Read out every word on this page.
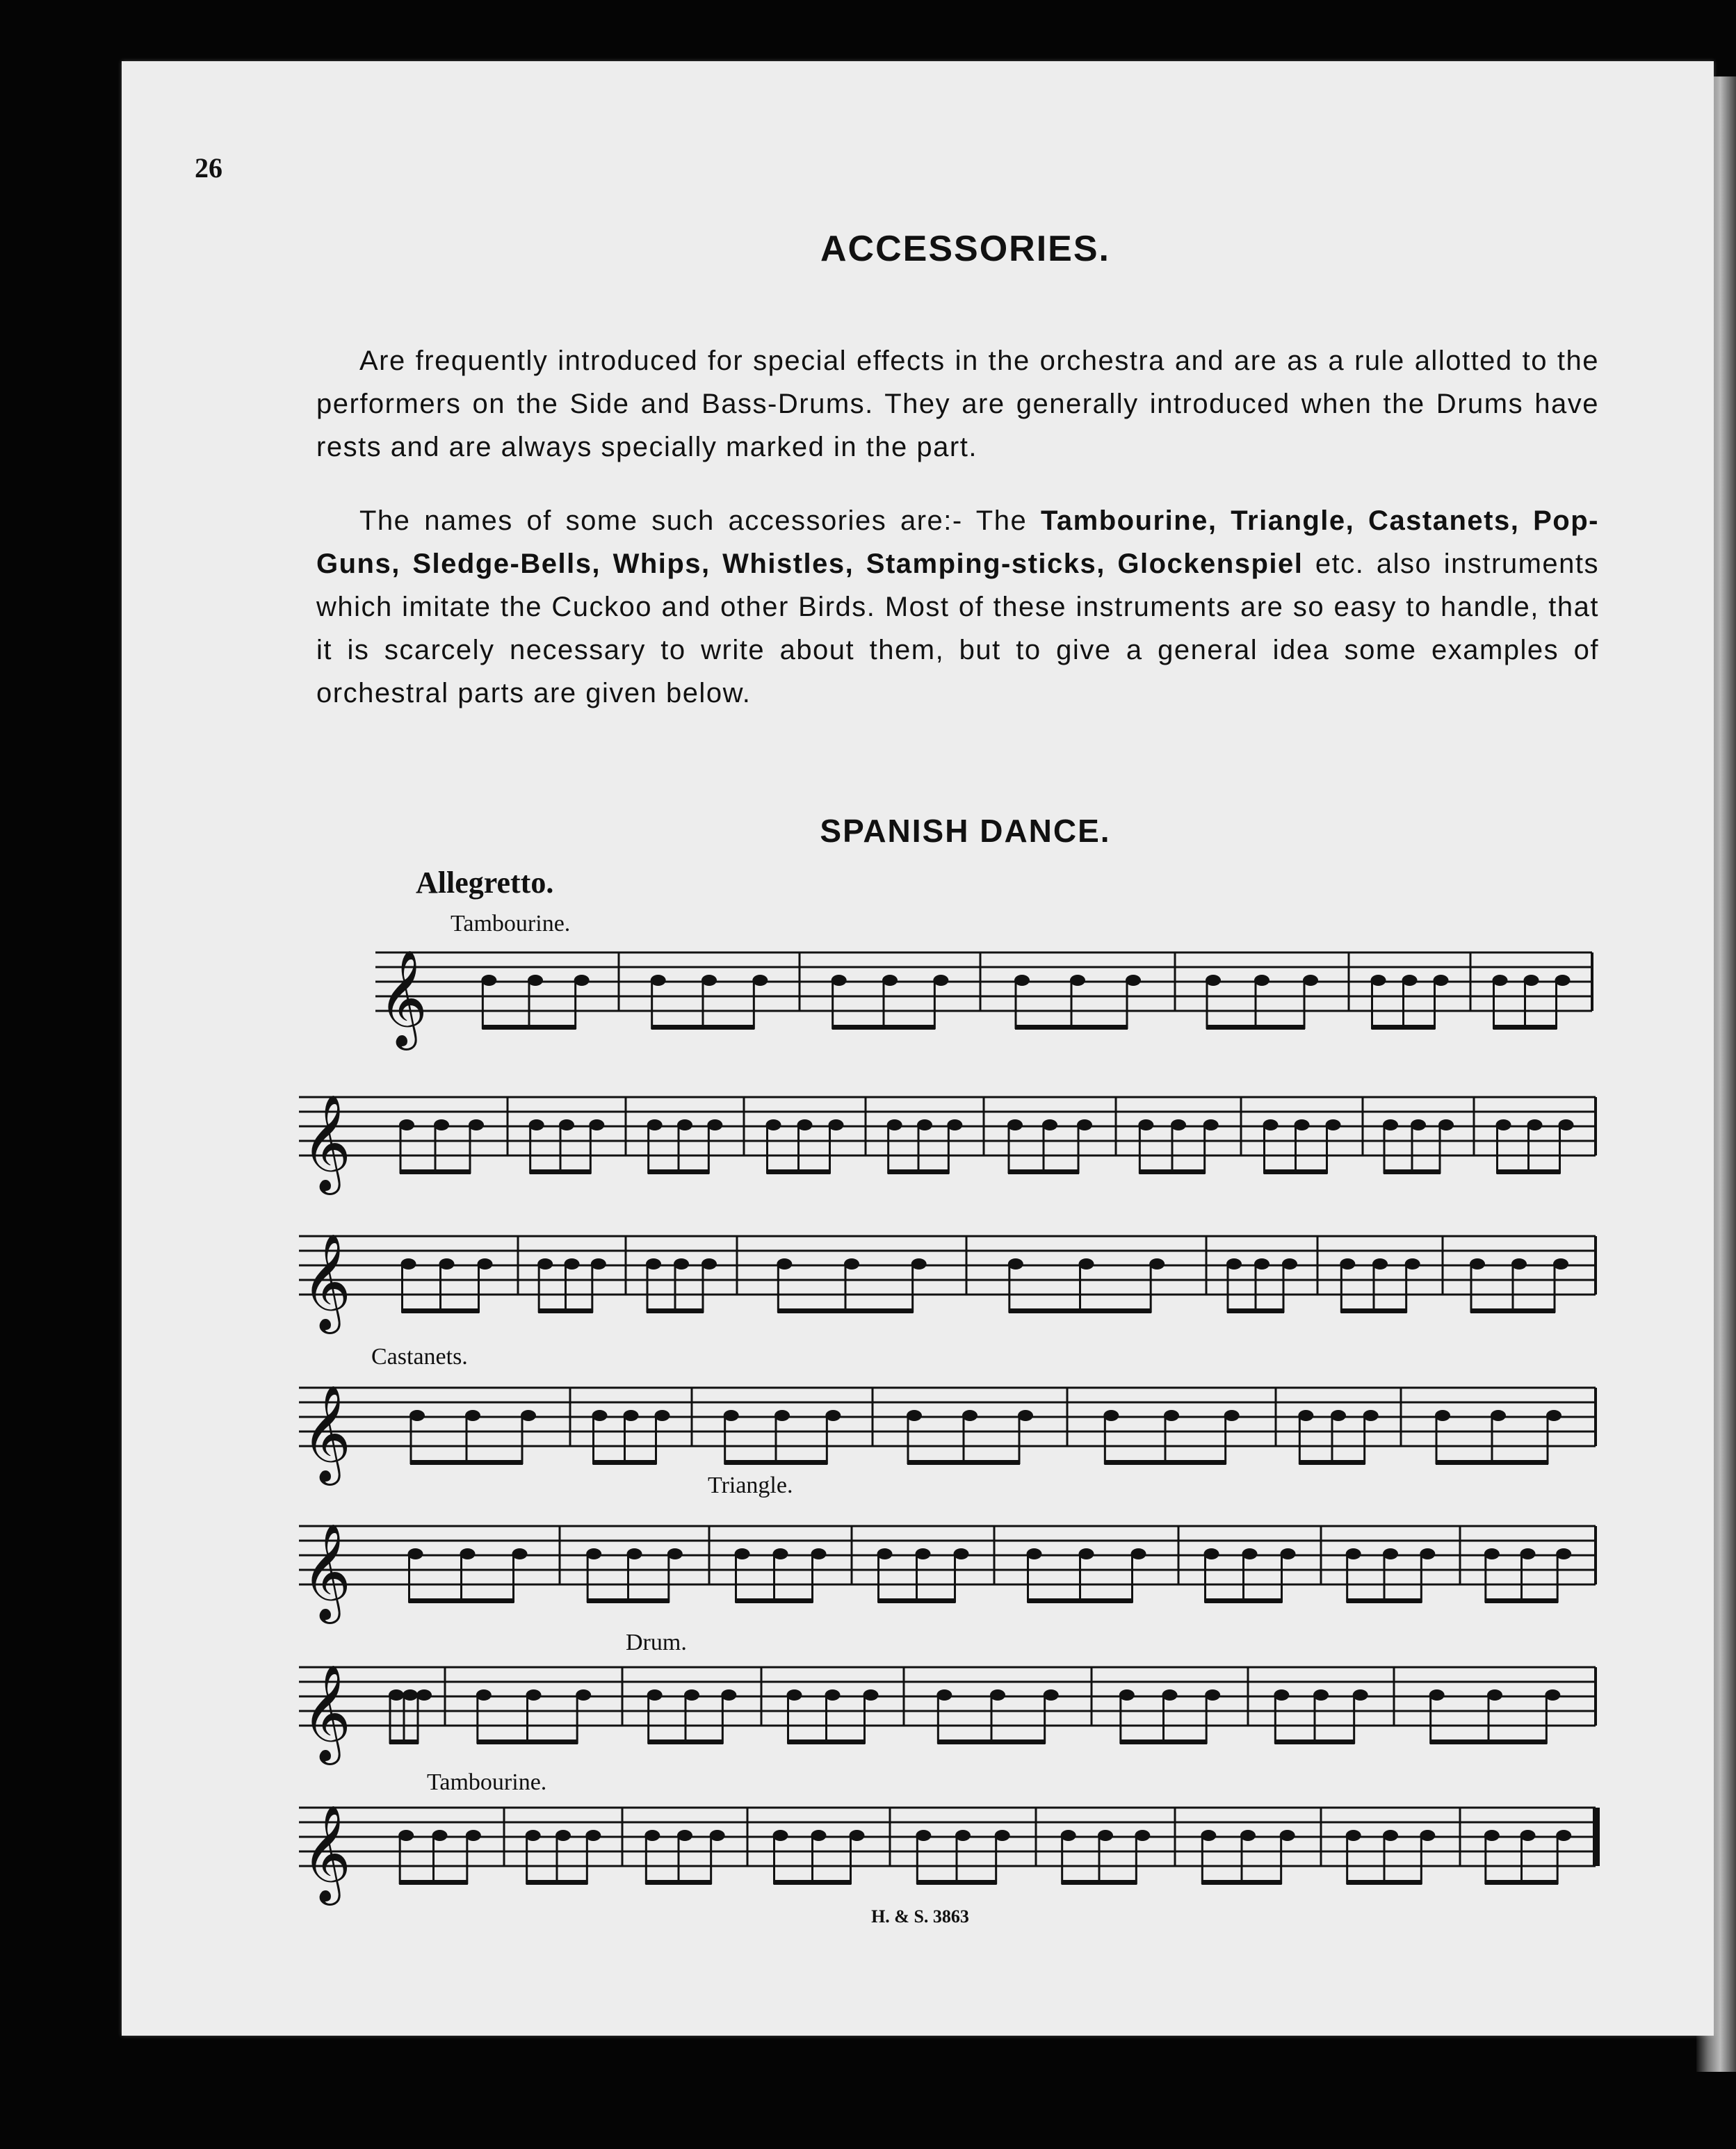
26
ACCESSORIES.
Are frequently introduced for special effects in the orchestra and are as a rule allotted to the performers on the Side and Bass-Drums. They are generally introduced when the Drums have rests and are always specially marked in the part.
The names of some such accessories are:- The Tambourine, Triangle, Castanets, Pop-Guns, Sledge-Bells, Whips, Whistles, Stamping-sticks, Glockenspiel etc. also instruments which imitate the Cuckoo and other Birds. Most of these instruments are so easy to handle, that it is scarcely necessary to write about them, but to give a general idea some examples of orchestral parts are given below.
SPANISH DANCE.
Allegretto.
Tambourine.
Castanets.
Triangle.
Drum.
Tambourine.
𝄞
𝄞
𝄞
𝄞
𝄞
𝄞
𝄞
H. & S. 3863
